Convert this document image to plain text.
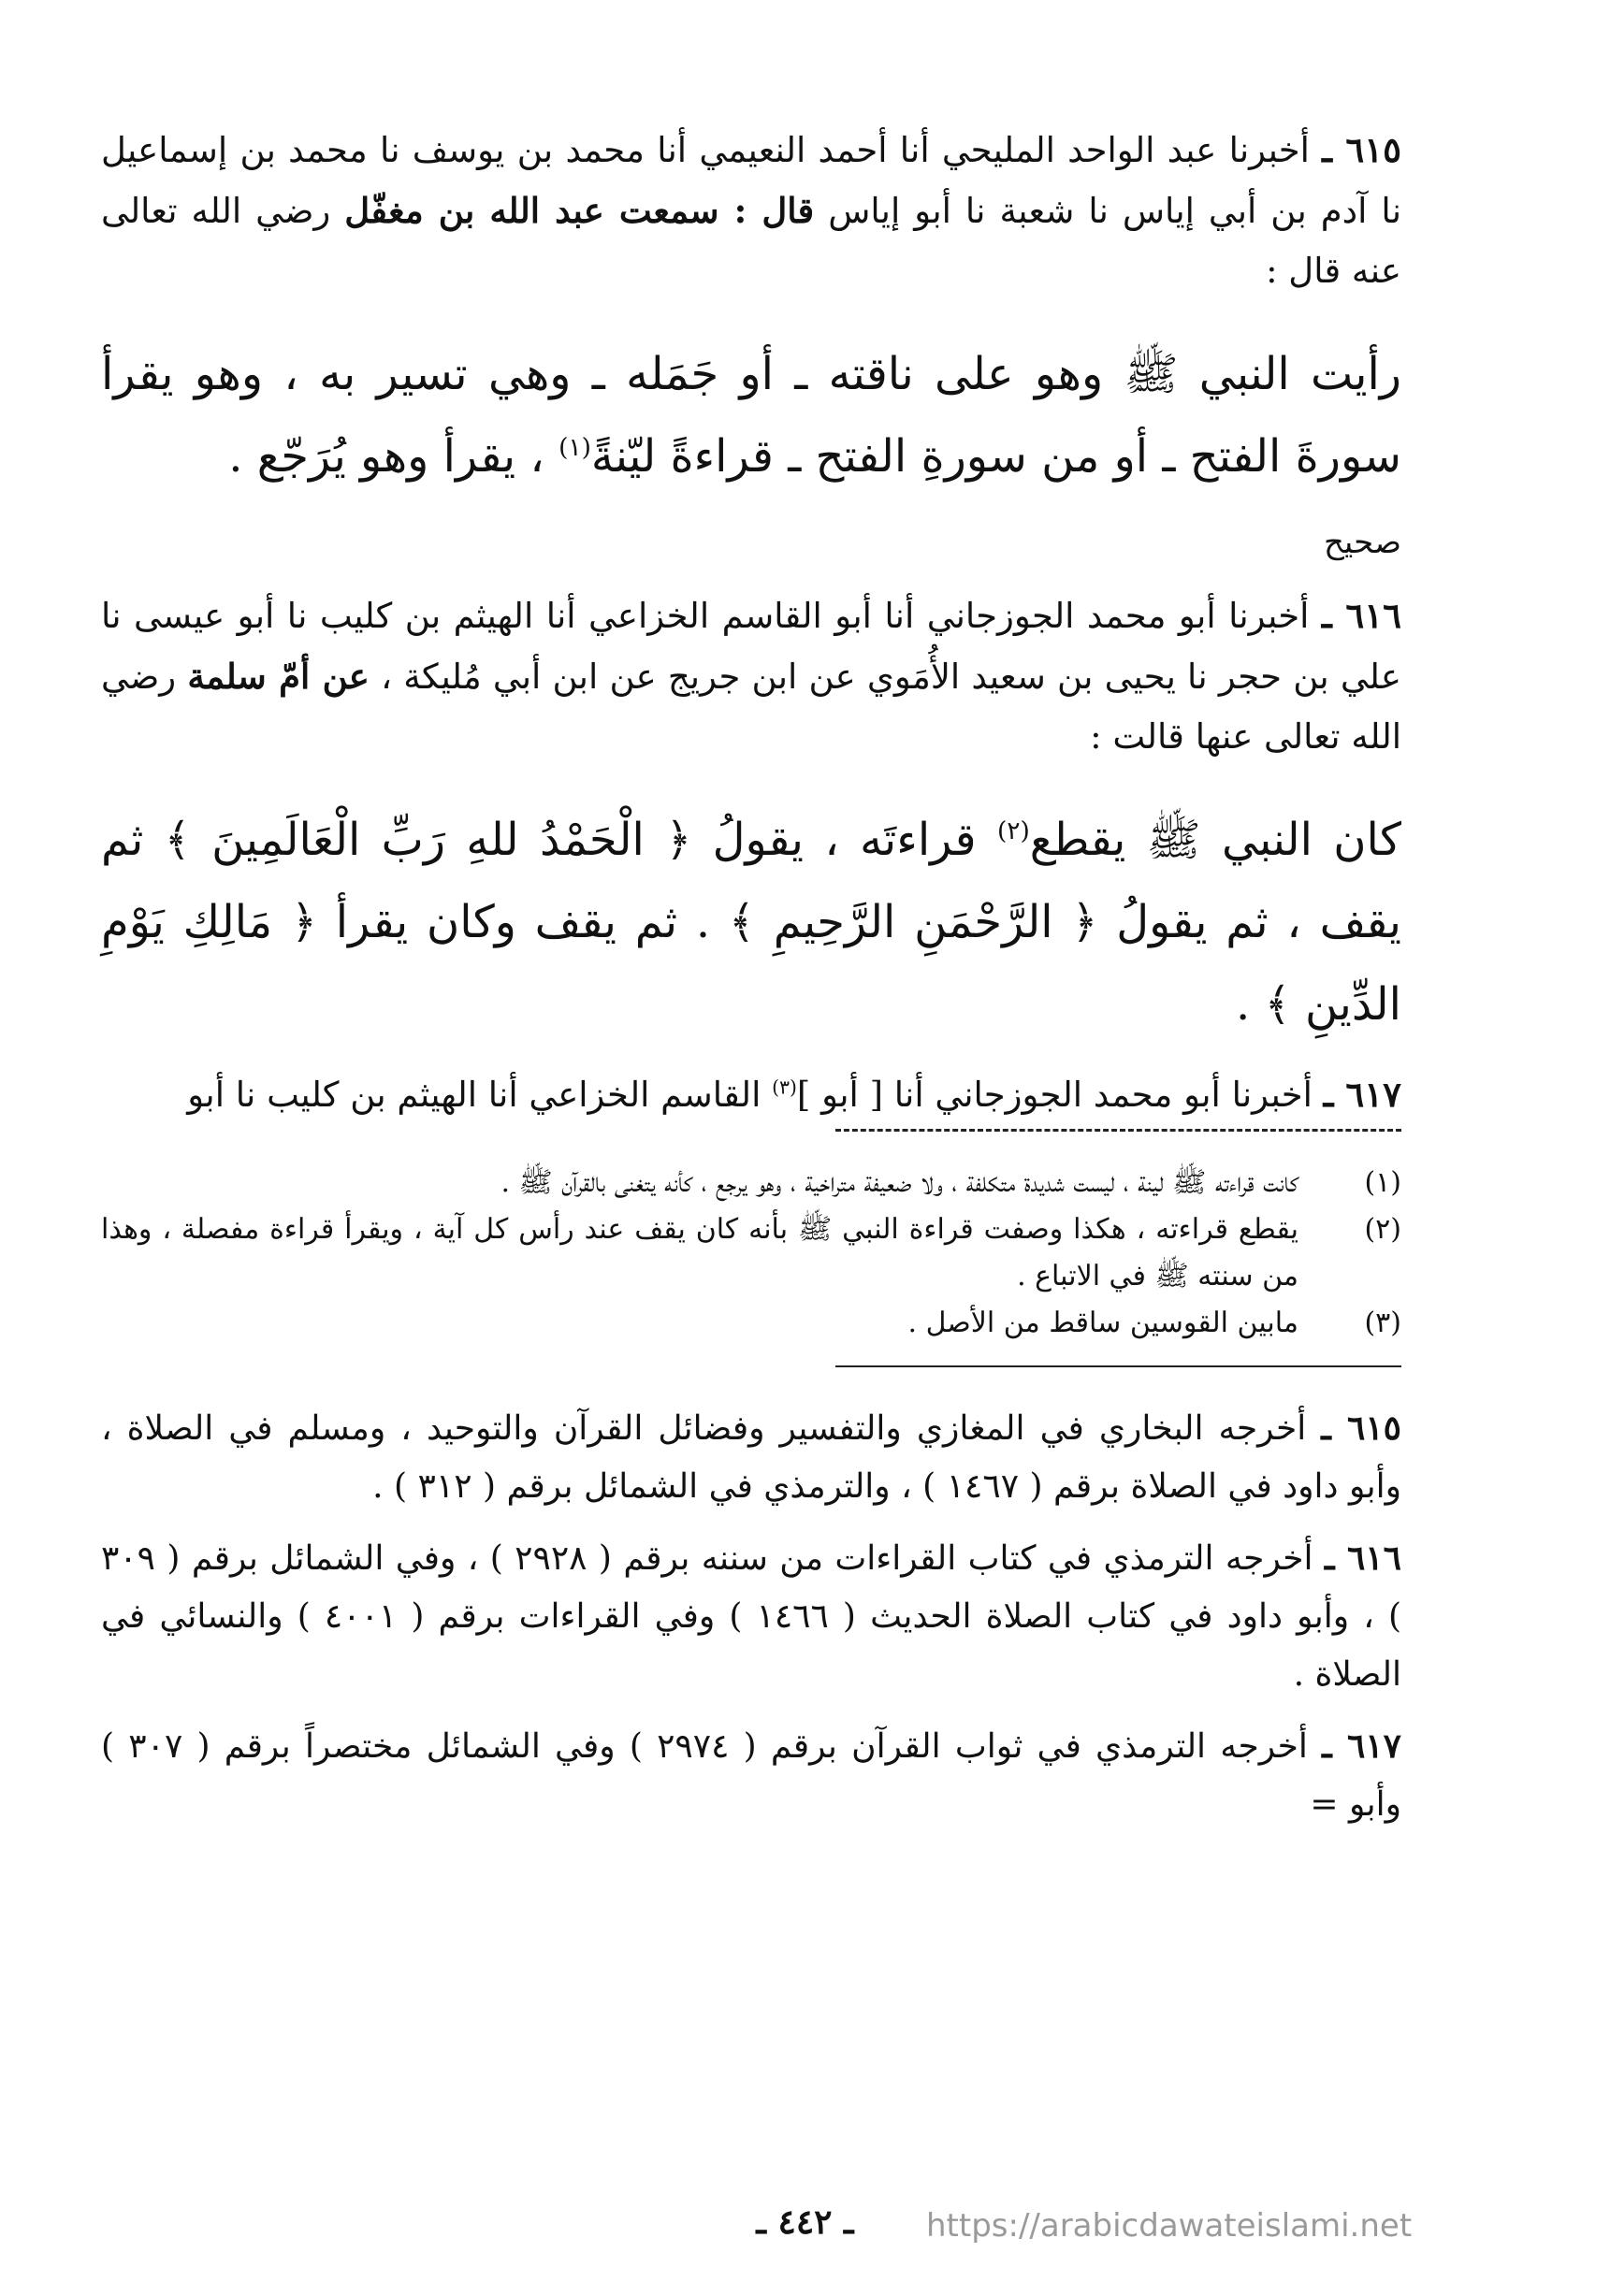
٦١٥ ـ أخبرنا عبد الواحد المليحي أنا أحمد النعيمي أنا محمد بن يوسف نا محمد بن إسماعيل نا آدم بن أبي إياس نا شعبة نا أبو إياس قال : سمعت عبد الله بن مغفّل رضي الله تعالى عنه قال :

رأيت النبي ﷺ وهو على ناقته ـ أو جَمَله ـ وهي تسير به ، وهو يقرأ سورةَ الفتح ـ أو من سورةِ الفتح ـ قراءةً ليّنةً$^{(١)}$ ، يقرأ وهو يُرَجّع .

صحيح

٦١٦ ـ أخبرنا أبو محمد الجوزجاني أنا أبو القاسم الخزاعي أنا الهيثم بن كليب نا أبو عيسى نا علي بن حجر نا يحيى بن سعيد الأُمَوي عن ابن جريج عن ابن أبي مُليكة ، عن أمّ سلمة رضي الله تعالى عنها قالت :

كان النبي ﷺ يقطع$^{(٢)}$ قراءتَه ، يقولُ ﴿ الْحَمْدُ للهِ رَبِّ الْعَالَمِينَ ﴾ ثم يقف ، ثم يقولُ ﴿ الرَّحْمَنِ الرَّحِيمِ ﴾ . ثم يقف وكان يقرأ ﴿ مَالِكِ يَوْمِ الدِّينِ ﴾ .

٦١٧ ـ أخبرنا أبو محمد الجوزجاني أنا [ أبو ]$^{(٣)}$ القاسم الخزاعي أنا الهيثم بن كليب نا أبو

(١)
كانت قراءته ﷺ لينة ، ليست شديدة متكلفة ، ولا ضعيفة متراخية ، وهو يرجع ، كأنه يتغنى بالقرآن ﷺ .

(٢)
يقطع قراءته ، هكذا وصفت قراءة النبي ﷺ بأنه كان يقف عند رأس كل آية ، ويقرأ قراءة مفصلة ، وهذا من سنته ﷺ في الاتباع .

(٣)
مابين القوسين ساقط من الأصل .

٦١٥ ـ أخرجه البخاري في المغازي والتفسير وفضائل القرآن والتوحيد ، ومسلم في الصلاة ، وأبو داود في الصلاة برقم ( ١٤٦٧ ) ، والترمذي في الشمائل برقم ( ٣١٢ ) .

٦١٦ ـ أخرجه الترمذي في كتاب القراءات من سننه برقم ( ٢٩٢٨ ) ، وفي الشمائل برقم ( ٣٠٩ ) ، وأبو داود في كتاب الصلاة الحديث ( ١٤٦٦ ) وفي القراءات برقم ( ٤٠٠١ ) والنسائي في الصلاة .

٦١٧ ـ أخرجه الترمذي في ثواب القرآن برقم ( ٢٩٧٤ ) وفي الشمائل مختصراً برقم ( ٣٠٧ ) وأبو =

ـ ٤٤٢ ـ	https://arabicdawateislami.net
